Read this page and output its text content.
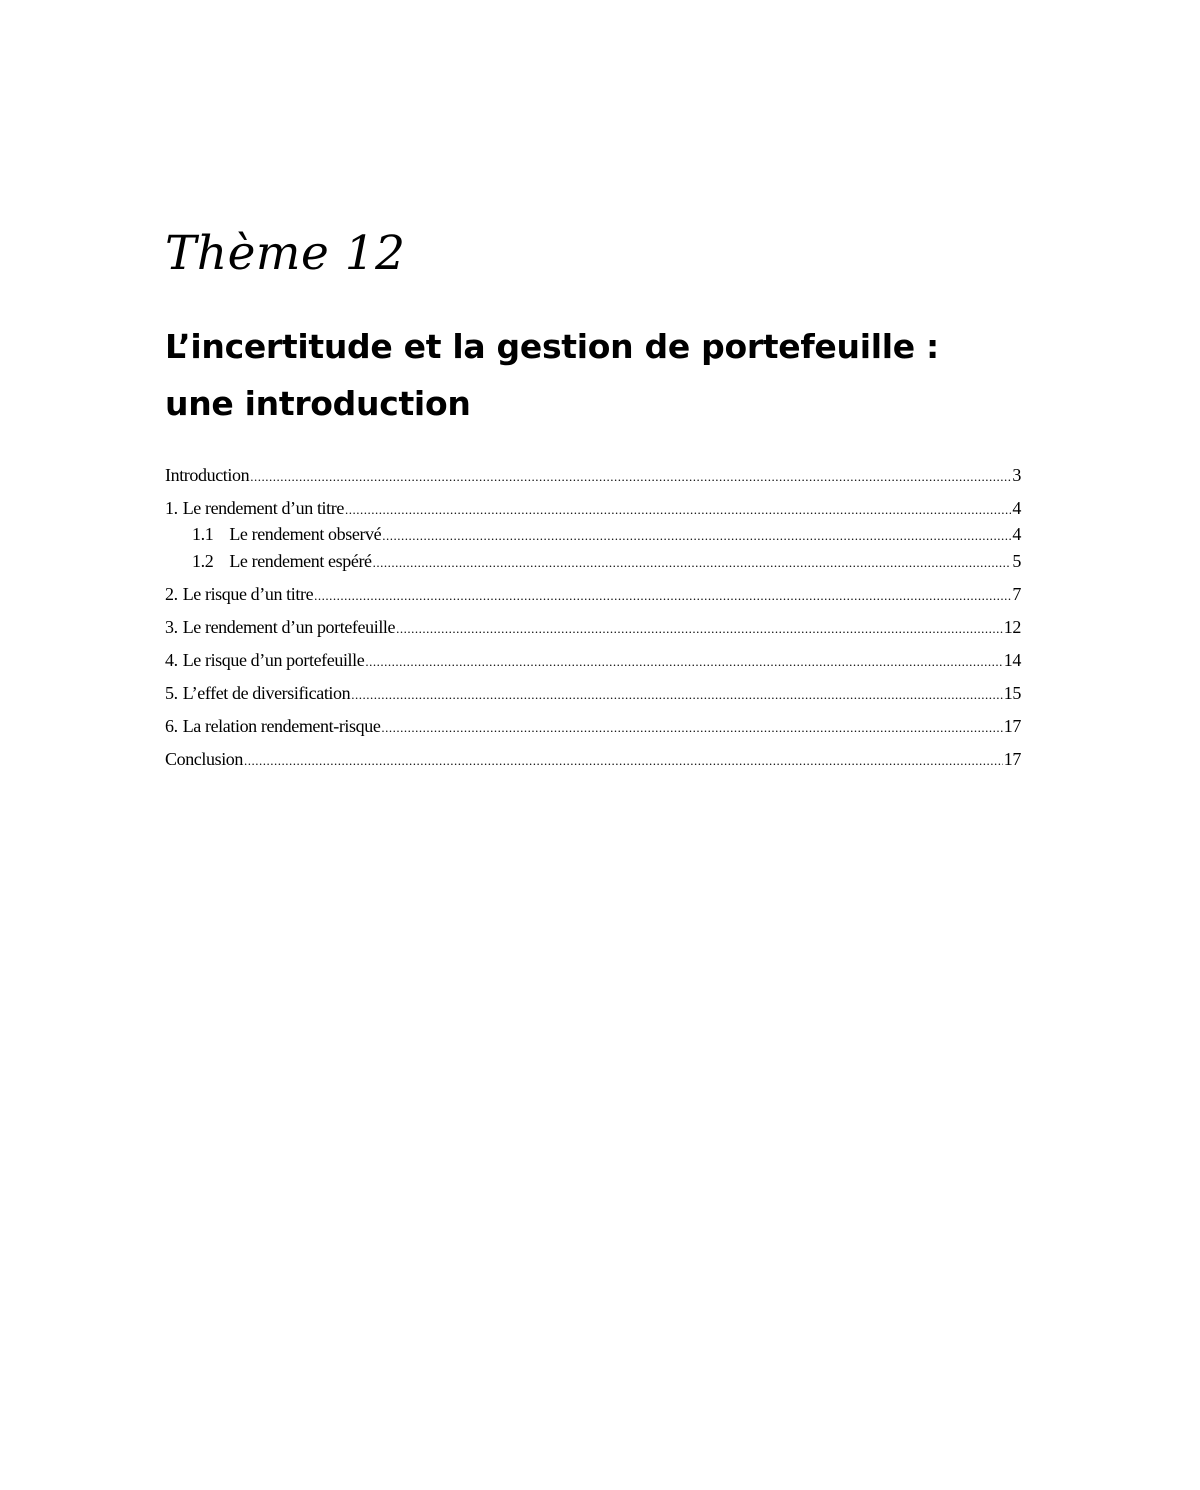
Thème 12
L’incertitude et la gestion de portefeuille :
une introduction
Introduction .....	3
1. Le rendement d’un titre .....	4
1.1 Le rendement observé .....	4
1.2 Le rendement espéré .....	5
2. Le risque d’un titre .....	7
3. Le rendement d’un portefeuille .....	12
4. Le risque d’un portefeuille .....	14
5. L’effet de diversification .....	15
6. La relation rendement-risque .....	17
Conclusion .....	17
